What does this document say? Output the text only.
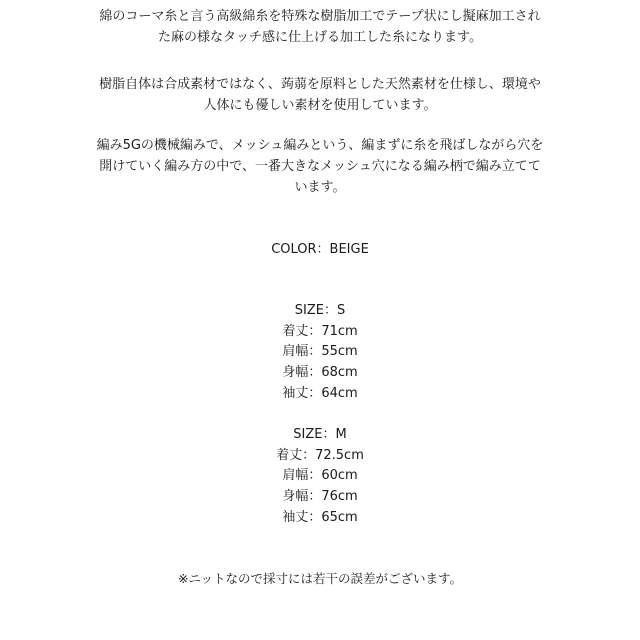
綿のコーマ糸と言う高級綿糸を特殊な樹脂加工でテープ状にし擬麻加工され
た麻の様なタッチ感に仕上げる加工した糸になります。

樹脂自体は合成素材ではなく、蒟蒻を原料とした天然素材を仕様し、環境や
人体にも優しい素材を使用しています。

編み5Gの機械編みで、メッシュ編みという、編まずに糸を飛ばしながら穴を
開けていく編み方の中で、一番大きなメッシュ穴になる編み柄で編み立てて
います。

COLOR：BEIGE
SIZE：S
着丈：71cm
肩幅：55cm
身幅：68cm
袖丈：64cm
SIZE：M
着丈：72.5cm
肩幅：60cm
身幅：76cm
袖丈：65cm
※ニットなので採寸には若干の誤差がございます。
